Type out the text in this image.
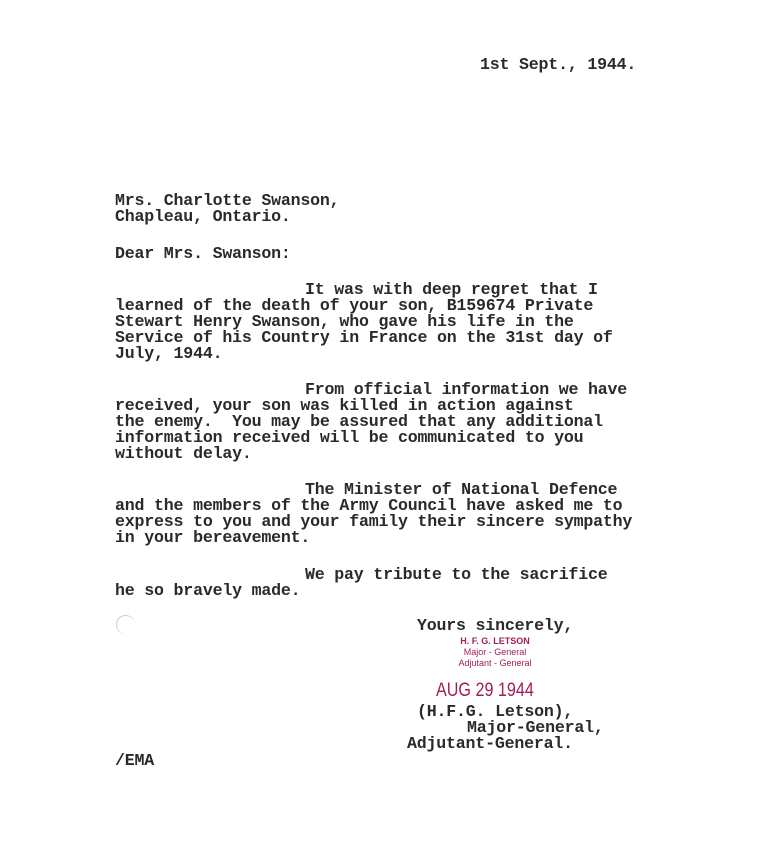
1st Sept., 1944.
Mrs. Charlotte Swanson,
Chapleau, Ontario.
Dear Mrs. Swanson:
It was with deep regret that I
learned of the death of your son, B159674 Private
Stewart Henry Swanson, who gave his life in the
Service of his Country in France on the 31st day of
July, 1944.
From official information we have
received, your son was killed in action against
the enemy.  You may be assured that any additional
information received will be communicated to you
without delay.
The Minister of National Defence
and the members of the Army Council have asked me to
express to you and your family their sincere sympathy
in your bereavement.
We pay tribute to the sacrifice
he so bravely made.
Yours sincerely,
H. F. G. LETSON
Major - General
Adjutant - General
AUG 29 1944
(H.F.G. Letson),
Major-General,
Adjutant-General.
/EMA
